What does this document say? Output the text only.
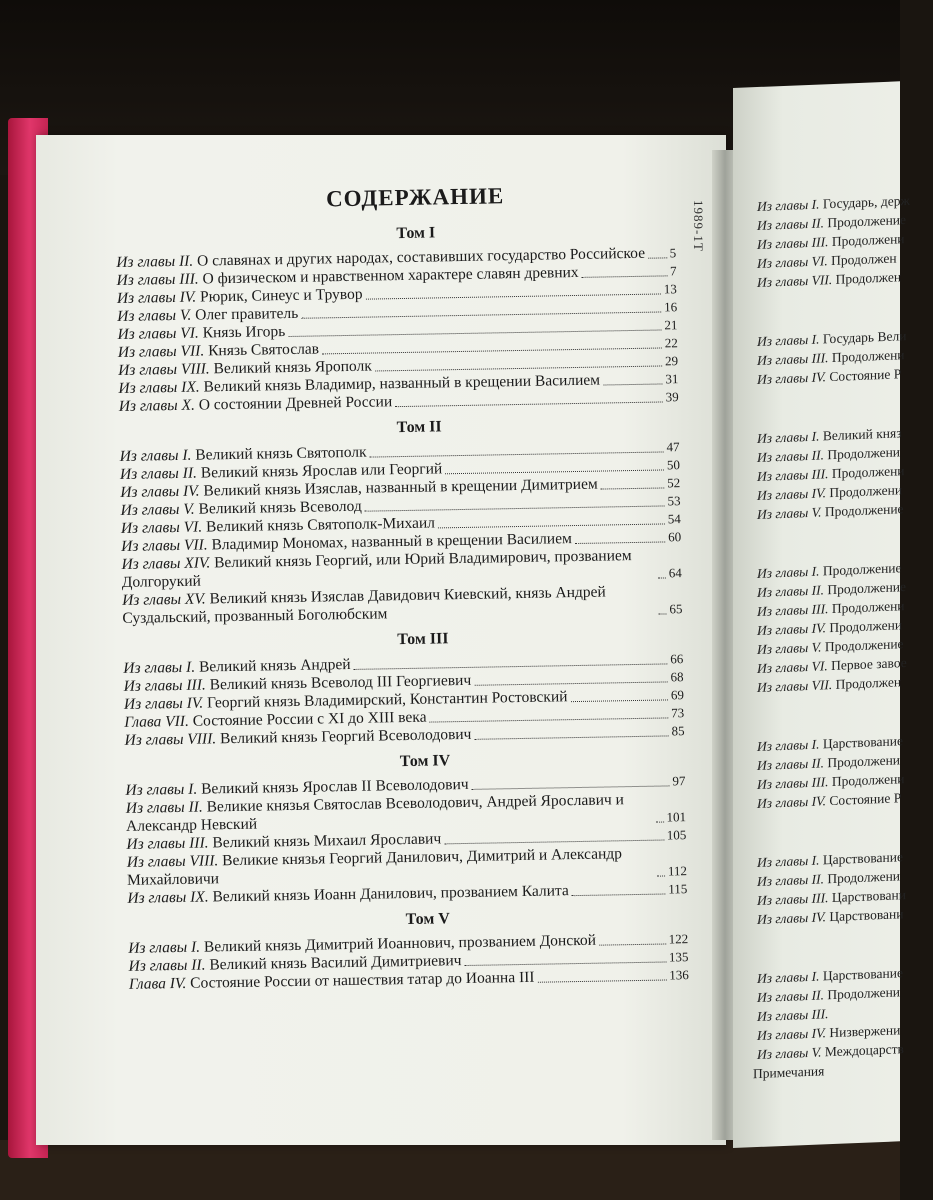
Из главы I. Государь, держ
Из главы II. Продолжение
Из главы III. Продолжени
Из главы VI. Продолжен
Из главы VII. Продолжен
Из главы I. Государь Вели
Из главы III. Продолжени
Из главы IV. Состояние Р
Из главы I. Великий княз
Из главы II. Продолжени
Из главы III. Продолжени
Из главы IV. Продолжени
Из главы V. Продолжение
Из главы I. Продолжение
Из главы II. Продолжение
Из главы III. Продолжени
Из главы IV. Продолжени
Из главы V. Продолжение
Из главы VI. Первое завое
Из главы VII. Продолжен
Из главы I. Царствование
Из главы II. Продолжени
Из главы III. Продолжени
Из главы IV. Состояние Р
Из главы I. Царствование
Из главы II. Продолжени
Из главы III. Царствовани
Из главы IV. Царствовани
Из главы I. Царствование
Из главы II. Продолжени
Из главы III.
Из главы IV. Низвержени
Из главы V. Междоцарств
Примечания
1989-1Т
СОДЕРЖАНИЕ
Том I
Из главы II. О славянах и других народах, составивших государство Российское 5
Из главы III. О физическом и нравственном характере славян древних	7
Из главы IV. Рюрик, Синеус и Трувор	13
Из главы V. Олег правитель	16
Из главы VI. Князь Игорь	21
Из главы VII. Князь Святослав	22
Из главы VIII. Великий князь Ярополк	29
Из главы IX. Великий князь Владимир, названный в крещении Василием	31
Из главы X. О состоянии Древней России	39
Том II
Из главы I. Великий князь Святополк	47
Из главы II. Великий князь Ярослав или Георгий	50
Из главы IV. Великий князь Изяслав, названный в крещении Димитрием	52
Из главы V. Великий князь Всеволод	53
Из главы VI. Великий князь Святополк-Михаил	54
Из главы VII. Владимир Мономах, названный в крещении Василием	60
Из главы XIV. Великий князь Георгий, или Юрий Владимирович, прозванием Долгорукий	64
Из главы XV. Великий князь Изяслав Давидович Киевский, князь Андрей Суздальский, прозванный Боголюбским	65
Том III
Из главы I. Великий князь Андрей	66
Из главы III. Великий князь Всеволод III Георгиевич	68
Из главы IV. Георгий князь Владимирский, Константин Ростовский	69
Глава VII. Состояние России с XI до XIII века	73
Из главы VIII. Великий князь Георгий Всеволодович	85
Том IV
Из главы I. Великий князь Ярослав II Всеволодович	97
Из главы II. Великие князья Святослав Всеволодович, Андрей Ярославич и Александр Невский	101
Из главы III. Великий князь Михаил Ярославич	105
Из главы VIII. Великие князья Георгий Данилович, Димитрий и Александр Михайловичи	112
Из главы IX. Великий князь Иоанн Данилович, прозванием Калита	115
Том V
Из главы I. Великий князь Димитрий Иоаннович, прозванием Донской	122
Из главы II. Великий князь Василий Димитриевич	135
Глава IV. Состояние России от нашествия татар до Иоанна III	136
